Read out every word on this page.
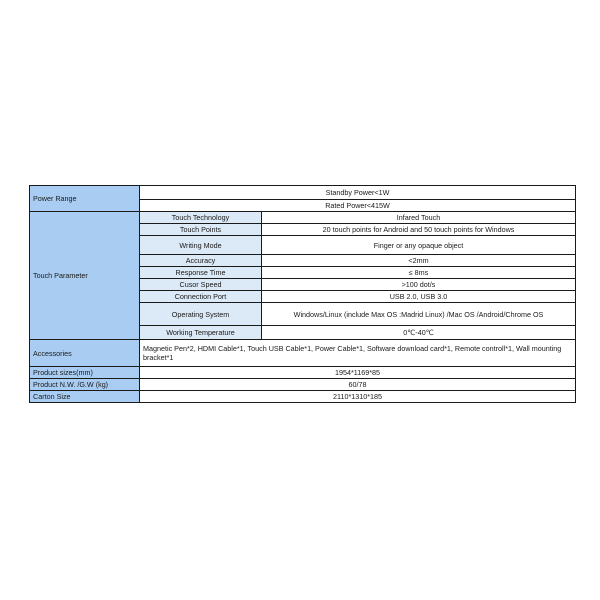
Power Range	Standby Power<1W	
	Rated Power<415W	
Touch Parameter	Touch Technology	Infared Touch
	Touch Points	20 touch points for Android and 50 touch points for Windows
	Writing Mode	Finger or any opaque object
	Accuracy	<2mm
	Response Time	≤ 8ms
	Cusor Speed	>100 dot/s
	Connection Port	USB 2.0, USB 3.0
	Operating System	Windows/Linux (include Max OS :Madrid Linux) /Mac OS /Android/Chrome OS
	Working Temperature	0℃-40℃
Accessories	Magnetic Pen*2, HDMI Cable*1, Touch USB Cable*1, Power Cable*1, Software download card*1, Remote controll*1, Wall mounting bracket*1	
Product sizes(mm)	1954*1169*85	
Product N.W. /G.W (kg)	60/78	
Carton Size	2110*1310*185	
